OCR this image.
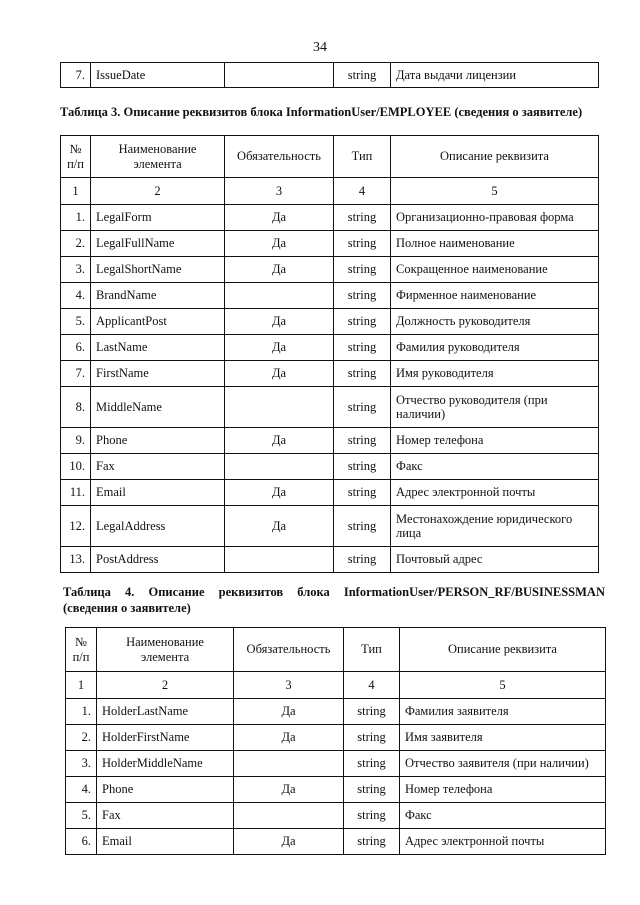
34
7.	IssueDate		string	Дата выдачи лицензии
Таблица 3. Описание реквизитов блока InformationUser/EMPLOYEE (сведения о заявителе)
№ п/п	Наименование элемента	Обязательность	Тип	Описание реквизита
1	2	3	4	5
1.	LegalForm	Да	string	Организационно-правовая форма
2.	LegalFullName	Да	string	Полное наименование
3.	LegalShortName	Да	string	Сокращенное наименование
4.	BrandName		string	Фирменное наименование
5.	ApplicantPost	Да	string	Должность руководителя
6.	LastName	Да	string	Фамилия руководителя
7.	FirstName	Да	string	Имя руководителя
8.	MiddleName		string	Отчество руководителя (при наличии)
9.	Phone	Да	string	Номер телефона
10.	Fax		string	Факс
11.	Email	Да	string	Адрес электронной почты
12.	LegalAddress	Да	string	Местонахождение юридического лица
13.	PostAddress		string	Почтовый адрес
Таблица 4. Описание реквизитов блока InformationUser/PERSON_RF/BUSINESSMAN
(сведения о заявителе)
№ п/п	Наименование элемента	Обязательность	Тип	Описание реквизита
1	2	3	4	5
1.	HolderLastName	Да	string	Фамилия заявителя
2.	HolderFirstName	Да	string	Имя заявителя
3.	HolderMiddleName		string	Отчество заявителя (при наличии)
4.	Phone	Да	string	Номер телефона
5.	Fax		string	Факс
6.	Email	Да	string	Адрес электронной почты
